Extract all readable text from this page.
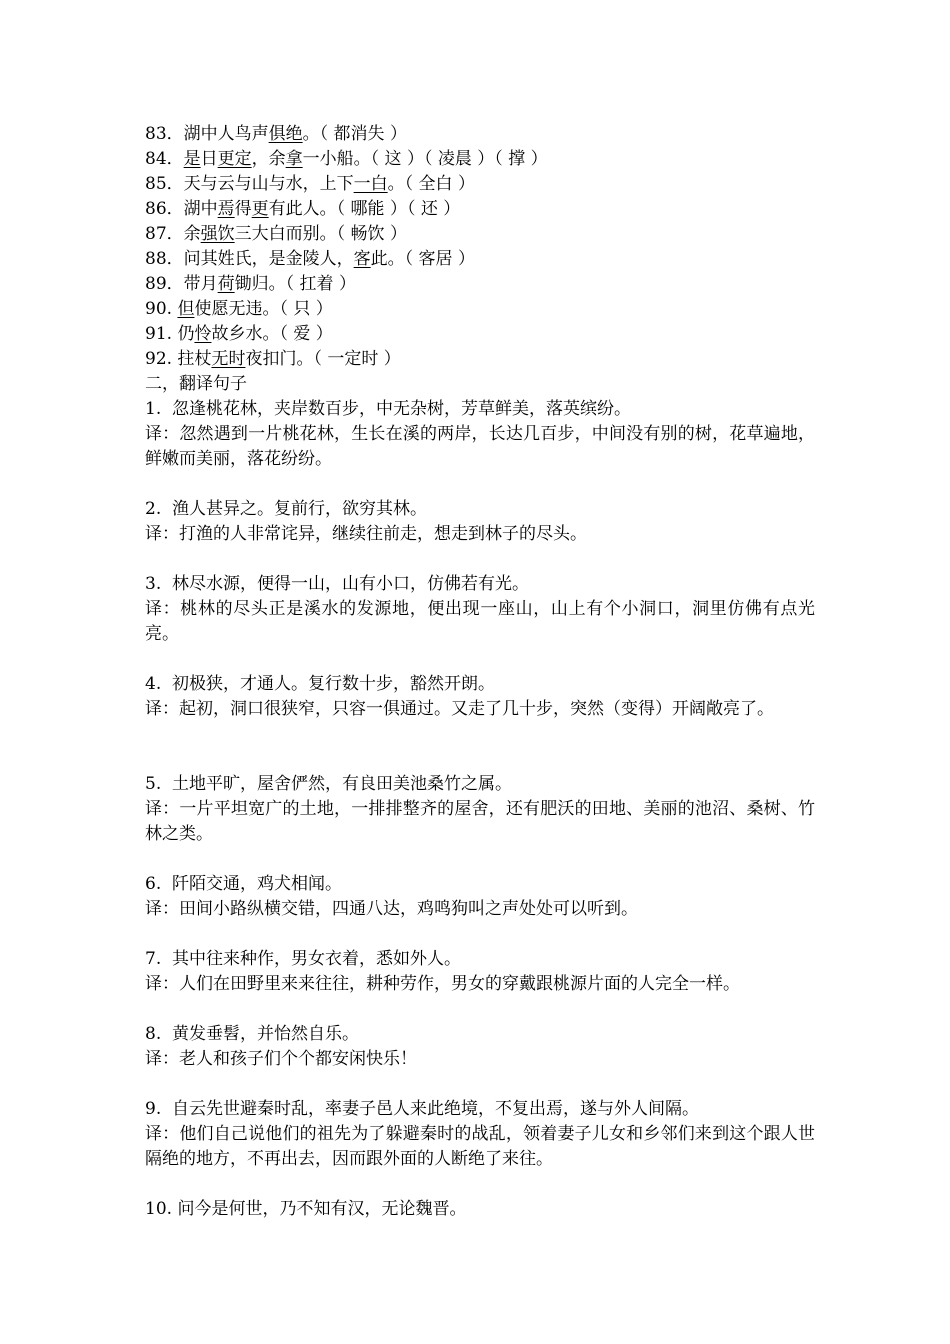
83．湖中人鸟声俱绝。（ 都消失 ）
84．是日更定，余拿一小船。（ 这 ）（ 凌晨 ）（ 撑 ）
85．天与云与山与水，上下一白。（ 全白 ）
86．湖中焉得更有此人。（ 哪能 ）（ 还 ）
87．余强饮三大白而别。（ 畅饮 ）
88．问其姓氏，是金陵人，客此。（ 客居 ）
89．带月荷锄归。（ 扛着 ）
90. 但使愿无违。（ 只 ）
91. 仍怜故乡水。（ 爱 ）
92. 拄杖无时夜扣门。（ 一定时 ）
二，翻译句子
1.  忽逢桃花林，夹岸数百步，中无杂树，芳草鲜美，落英缤纷。
译：忽然遇到一片桃花林，生长在溪的两岸，长达几百步，中间没有别的树，花草遍地，鲜嫩而美丽，落花纷纷。
2.  渔人甚异之。复前行，欲穷其林。
译：打渔的人非常诧异，继续往前走，想走到林子的尽头。
3.  林尽水源，便得一山，山有小口，仿佛若有光。
译：桃林的尽头正是溪水的发源地，便出现一座山，山上有个小洞口，洞里仿佛有点光亮。
4.  初极狭，才通人。复行数十步，豁然开朗。
译：起初，洞口很狭窄，只容一俱通过。又走了几十步，突然（变得）开阔敞亮了。
5.  土地平旷，屋舍俨然，有良田美池桑竹之属。
译：一片平坦宽广的土地，一排排整齐的屋舍，还有肥沃的田地、美丽的池沼、桑树、竹林之类。
6.  阡陌交通，鸡犬相闻。
译：田间小路纵横交错，四通八达，鸡鸣狗叫之声处处可以听到。
7.  其中往来种作，男女衣着，悉如外人。
译：人们在田野里来来往往，耕种劳作，男女的穿戴跟桃源片面的人完全一样。
8.  黄发垂髫，并怡然自乐。
译：老人和孩子们个个都安闲快乐！
9.  自云先世避秦时乱，率妻子邑人来此绝境，不复出焉，遂与外人间隔。
译：他们自己说他们的祖先为了躲避秦时的战乱，领着妻子儿女和乡邻们来到这个跟人世隔绝的地方，不再出去，因而跟外面的人断绝了来往。
10. 问今是何世，乃不知有汉，无论魏晋。
